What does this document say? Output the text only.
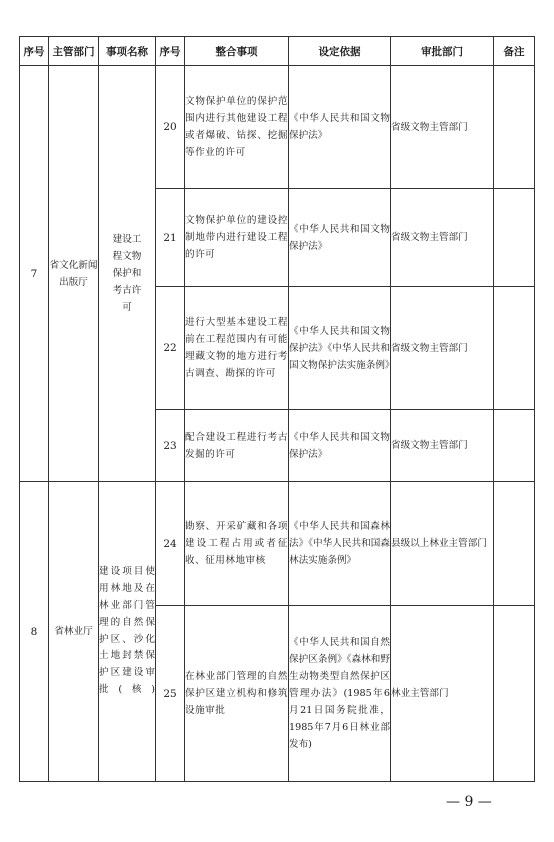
序号	主管部门	事项名称	序号	整合事项	设定依据	审批部门	备注
7	省文化新闻出版厅	建设工程文物保护和考古许可	20	文物保护单位的保护范围内进行其他建设工程或者爆破、钻探、挖掘等作业的许可	《中华人民共和国文物保护法》	省级文物主管部门	
			21	文物保护单位的建设控制地带内进行建设工程的许可	《中华人民共和国文物保护法》	省级文物主管部门	
			22	进行大型基本建设工程前在工程范围内有可能埋藏文物的地方进行考古调查、勘探的许可	《中华人民共和国文物保护法》《中华人民共和国文物保护法实施条例》	省级文物主管部门	
			23	配合建设工程进行考古发掘的许可	《中华人民共和国文物保护法》	省级文物主管部门	
8	省林业厅	建设项目使用林地及在林业部门管理的自然保护区、沙化土地封禁保护区建设审批(核)	24	勘察、开采矿藏和各项建设工程占用或者征收、征用林地审核	《中华人民共和国森林法》《中华人民共和国森林法实施条例》	县级以上林业主管部门	
			25	在林业部门管理的自然保护区建立机构和修筑设施审批	《中华人民共和国自然保护区条例》《森林和野生动物类型自然保护区管理办法》(1985年6月21日国务院批准，1985年7月6日林业部发布)	林业主管部门	
— 9 —
